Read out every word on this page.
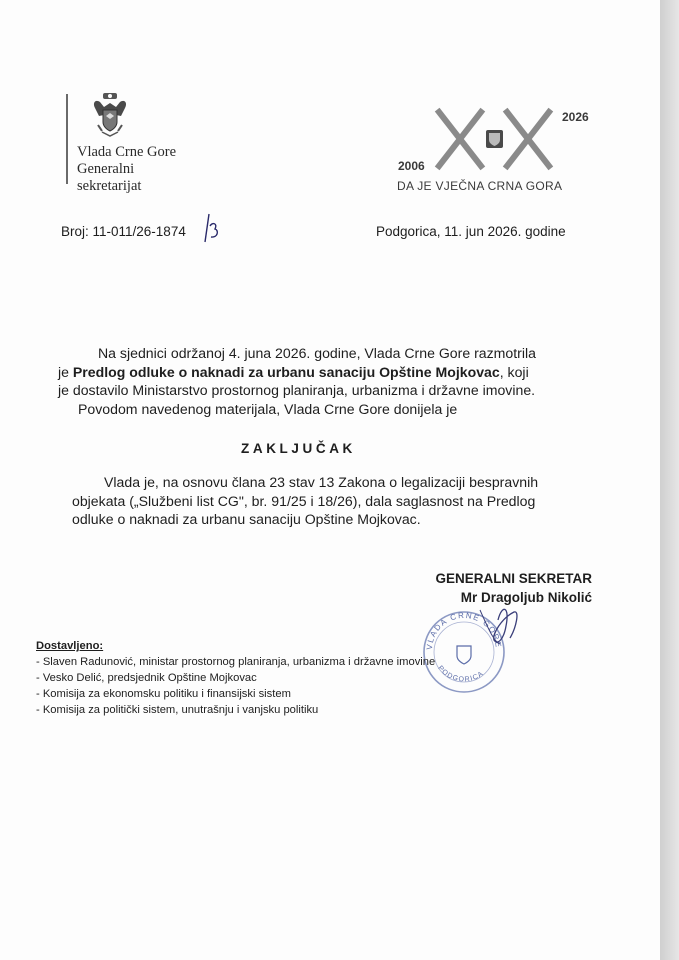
Vlada Crne Gore
Generalni
sekretarijat
2026
2006
DA JE VJEČNA CRNA GORA
Broj: 11-011/26-1874	Podgorica, 11. jun 2026. godine

Na sjednici održanoj 4. juna 2026. godine, Vlada Crne Gore razmotrila

je Predlog odluke o naknadi za urbanu sanaciju Opštine Mojkovac, koji

je dostavilo Ministarstvo prostornog planiranja, urbanizma i državne imovine.

Povodom navedenog materijala, Vlada Crne Gore donijela je

ZAKLJUČAK

Vlada je, na osnovu člana 23 stav 13 Zakona o legalizaciji bespravnih

objekata („Službeni list CG", br. 91/25 i 18/26), dala saglasnost na Predlog

odluke o naknadi za urbanu sanaciju Opštine Mojkovac.

GENERALNI SEKRETAR
Mr Dragoljub Nikolić
VLADA CRNE GORE
PODGORICA
Dostavljeno:
- Slaven Radunović, ministar prostornog planiranja, urbanizma i državne imovine
- Vesko Delić, predsjednik Opštine Mojkovac
- Komisija za ekonomsku politiku i finansijski sistem
- Komisija za politički sistem, unutrašnju i vanjsku politiku
